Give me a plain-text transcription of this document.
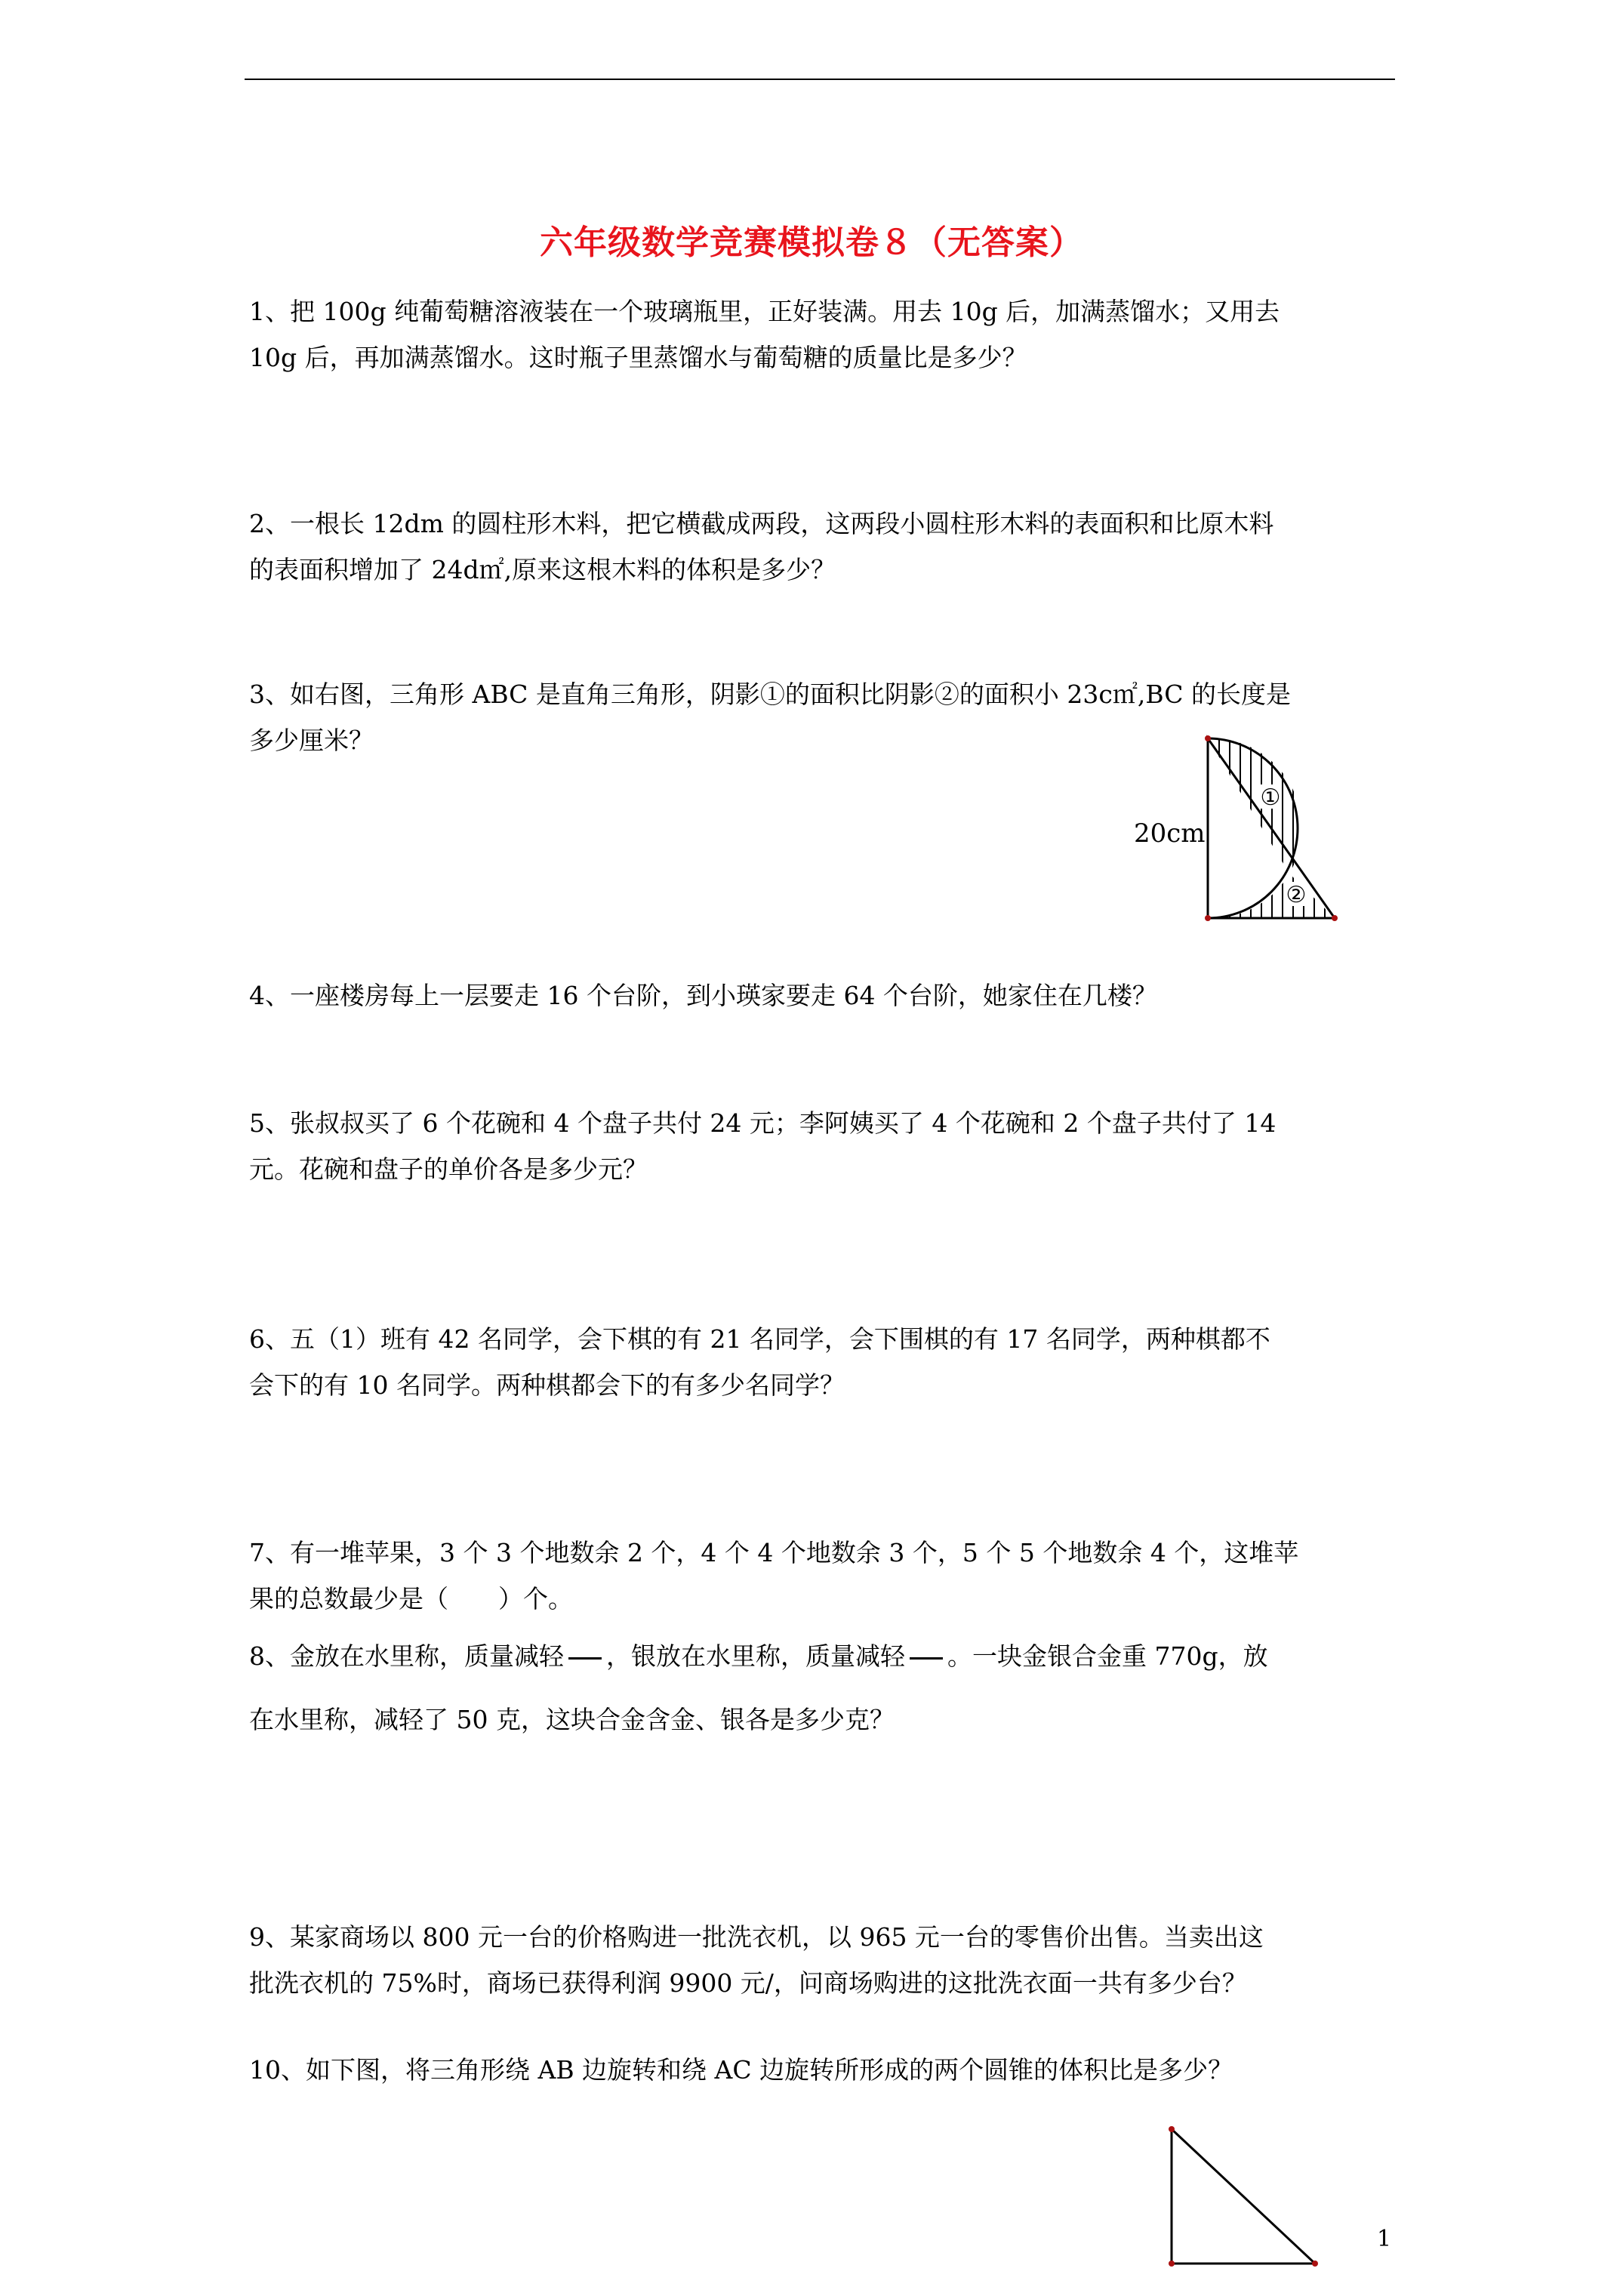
六年级数学竞赛模拟卷８（无答案）
1、把 100g 纯葡萄糖溶液装在一个玻璃瓶里，正好装满。用去 10g 后，加满蒸馏水；又用去
10g 后，再加满蒸馏水。这时瓶子里蒸馏水与葡萄糖的质量比是多少？
2、一根长 12dm 的圆柱形木料，把它横截成两段，这两段小圆柱形木料的表面积和比原木料
的表面积增加了 24d㎡,原来这根木料的体积是多少？
3、如右图，三角形 ABC 是直角三角形，阴影①的面积比阴影②的面积小 23c㎡,BC 的长度是
多少厘米？
①
②
20cm
4、一座楼房每上一层要走 16 个台阶，到小瑛家要走 64 个台阶，她家住在几楼？
5、张叔叔买了 6 个花碗和 4 个盘子共付 24 元；李阿姨买了 4 个花碗和 2 个盘子共付了 14
元。花碗和盘子的单价各是多少元？
6、五（1）班有 42 名同学，会下棋的有 21 名同学，会下围棋的有 17 名同学，两种棋都不
会下的有 10 名同学。两种棋都会下的有多少名同学？
7、有一堆苹果，3 个 3 个地数余 2 个，4 个 4 个地数余 3 个，5 个 5 个地数余 4 个，这堆苹
果的总数最少是（　　）个。
8、金放在水里称，质量减轻 ，银放在水里称，质量减轻 。一块金银合金重 770g，放
在水里称，减轻了 50 克，这块合金含金、银各是多少克？
9、某家商场以 800 元一台的价格购进一批洗衣机，以 965 元一台的零售价出售。当卖出这
批洗衣机的 75%时，商场已获得利润 9900 元/，问商场购进的这批洗衣面一共有多少台？
10、如下图，将三角形绕 AB 边旋转和绕 AC 边旋转所形成的两个圆锥的体积比是多少？
1
